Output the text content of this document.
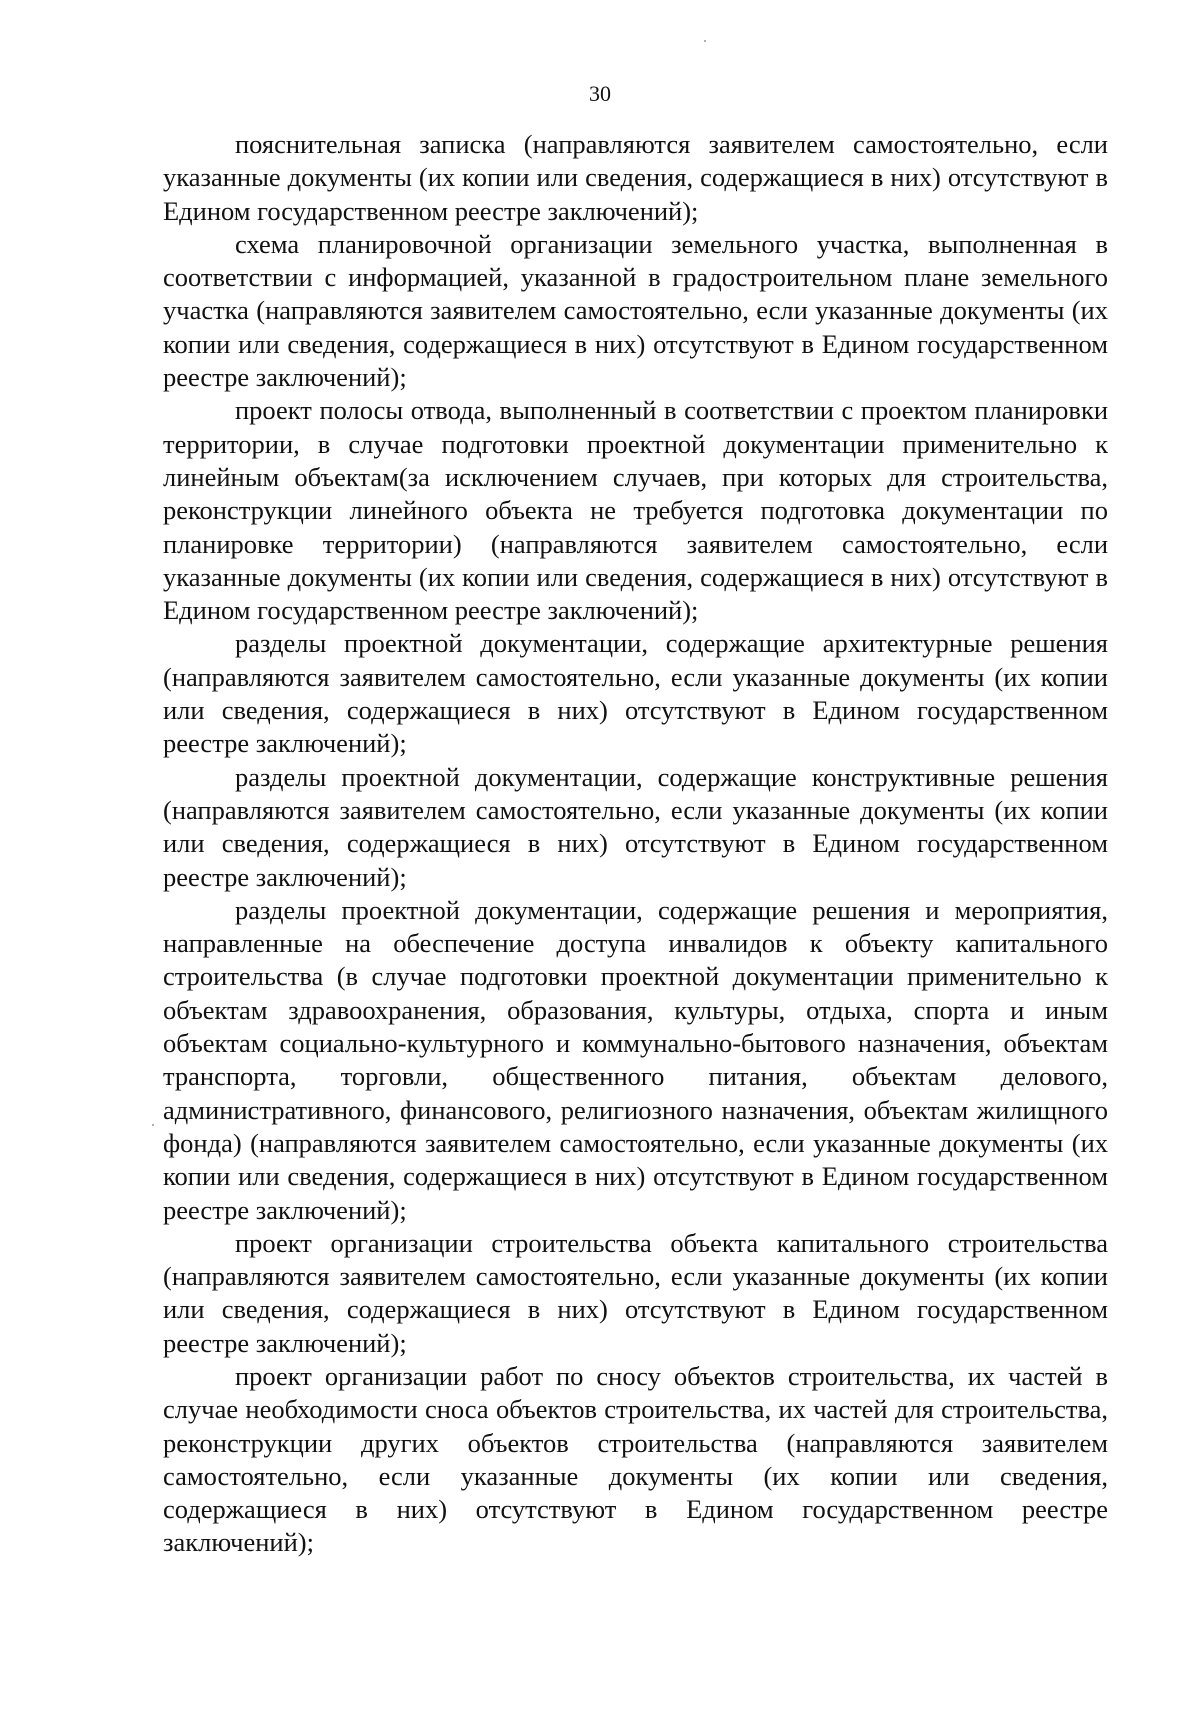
30

пояснительная записка (направляются заявителем самостоятельно, если указанные документы (их копии или сведения, содержащиеся в них) отсутствуют в Едином государственном реестре заключений);

схема планировочной организации земельного участка, выполненная в соответствии с информацией, указанной в градостроительном плане земельного участка (направляются заявителем самостоятельно, если указанные документы (их копии или сведения, содержащиеся в них) отсутствуют в Едином государственном реестре заключений);

проект полосы отвода, выполненный в соответствии с проектом планировки территории, в случае подготовки проектной документации применительно к линейным объектам(за исключением случаев, при которых для строительства, реконструкции линейного объекта не требуется подготовка документации по планировке территории) (направляются заявителем самостоятельно, если указанные документы (их копии или сведения, содержащиеся в них) отсутствуют в Едином государственном реестре заключений);

разделы проектной документации, содержащие архитектурные решения (направляются заявителем самостоятельно, если указанные документы (их копии или сведения, содержащиеся в них) отсутствуют в Едином государственном реестре заключений);

разделы проектной документации, содержащие конструктивные решения (направляются заявителем самостоятельно, если указанные документы (их копии или сведения, содержащиеся в них) отсутствуют в Едином государственном реестре заключений);

разделы проектной документации, содержащие решения и мероприятия, направленные на обеспечение доступа инвалидов к объекту капитального строительства (в случае подготовки проектной документации применительно к объектам здравоохранения, образования, культуры, отдыха, спорта и иным объектам социально-культурного и коммунально-бытового назначения, объектам транспорта, торговли, общественного питания, объектам делового, административного, финансового, религиозного назначения, объектам жилищного фонда) (направляются заявителем самостоятельно, если указанные документы (их копии или сведения, содержащиеся в них) отсутствуют в Едином государственном реестре заключений);

проект организации строительства объекта капитального строительства (направляются заявителем самостоятельно, если указанные документы (их копии или сведения, содержащиеся в них) отсутствуют в Едином государственном реестре заключений);

проект организации работ по сносу объектов строительства, их частей в случае необходимости сноса объектов строительства, их частей для строительства, реконструкции других объектов строительства (направляются заявителем самостоятельно, если указанные документы (их копии или сведения, содержащиеся в них) отсутствуют в Едином государственном реестре заключений);
